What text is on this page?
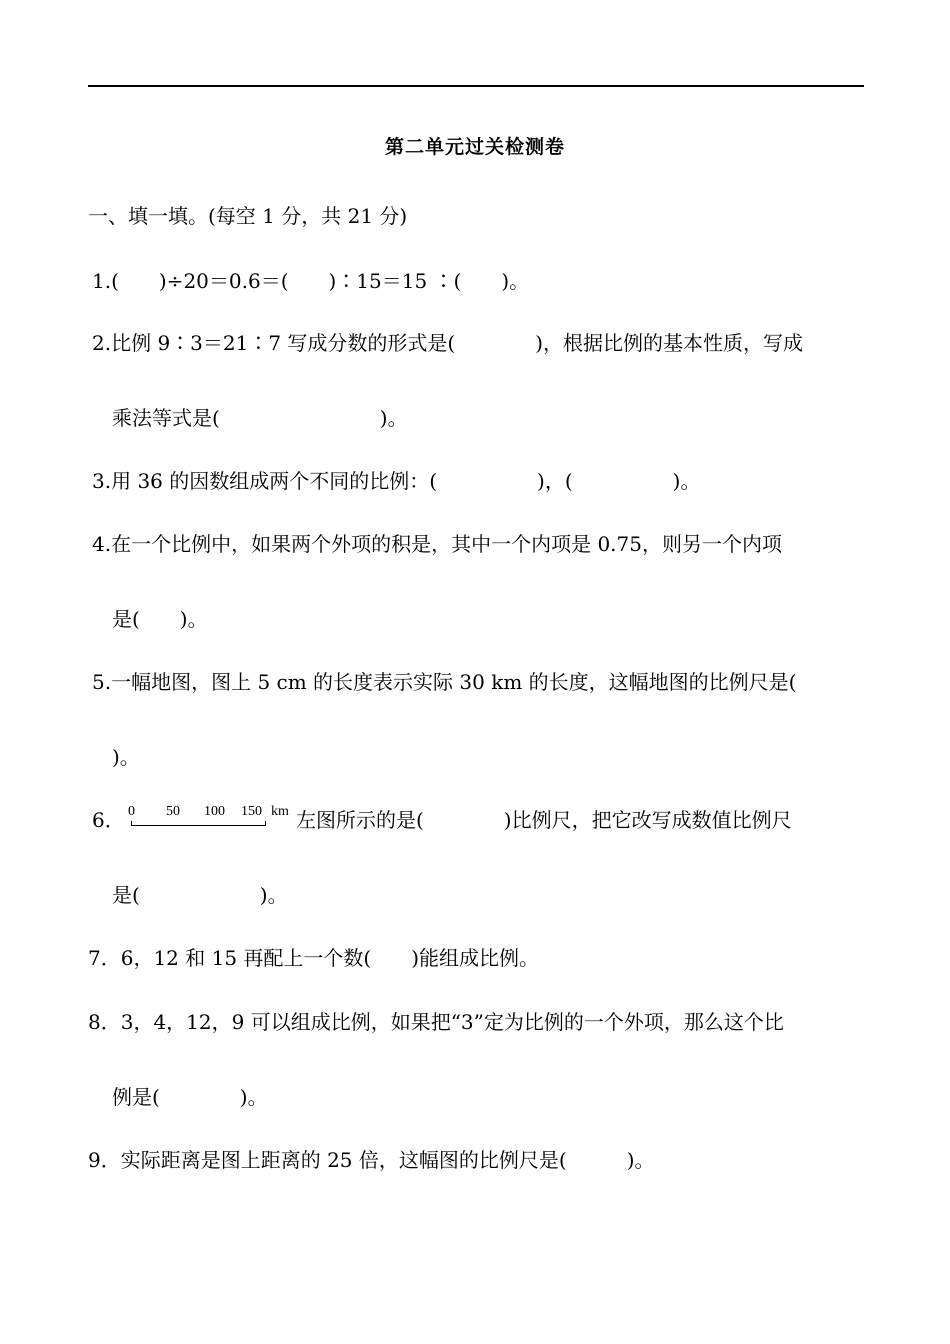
第二单元过关检测卷
一、填一填。(每空 1 分，共 21 分)
1.(　　)÷20＝0.6＝(　　)∶15＝15 ∶(　　)。
2.比例 9∶3＝21∶7 写成分数的形式是(　　　　)，根据比例的基本性质，写成
乘法等式是(　　　　　　　　)。
3.用 36 的因数组成两个不同的比例：(　　　　　)，(　　　　　)。
4.在一个比例中，如果两个外项的积是，其中一个内项是 0.75，则另一个内项
是(　　)。
5.一幅地图，图上 5 cm 的长度表示实际 30 km 的长度，这幅地图的比例尺是(
)。
6． 0 50 100 150 km 左图所示的是(　　　　)比例尺，把它改写成数值比例尺
是(　　　　　　)。
7．6，12 和 15 再配上一个数(　　)能组成比例。
8．3，4，12，9 可以组成比例，如果把“3”定为比例的一个外项，那么这个比
例是(　　　　)。
9．实际距离是图上距离的 25 倍，这幅图的比例尺是(　　　)。
